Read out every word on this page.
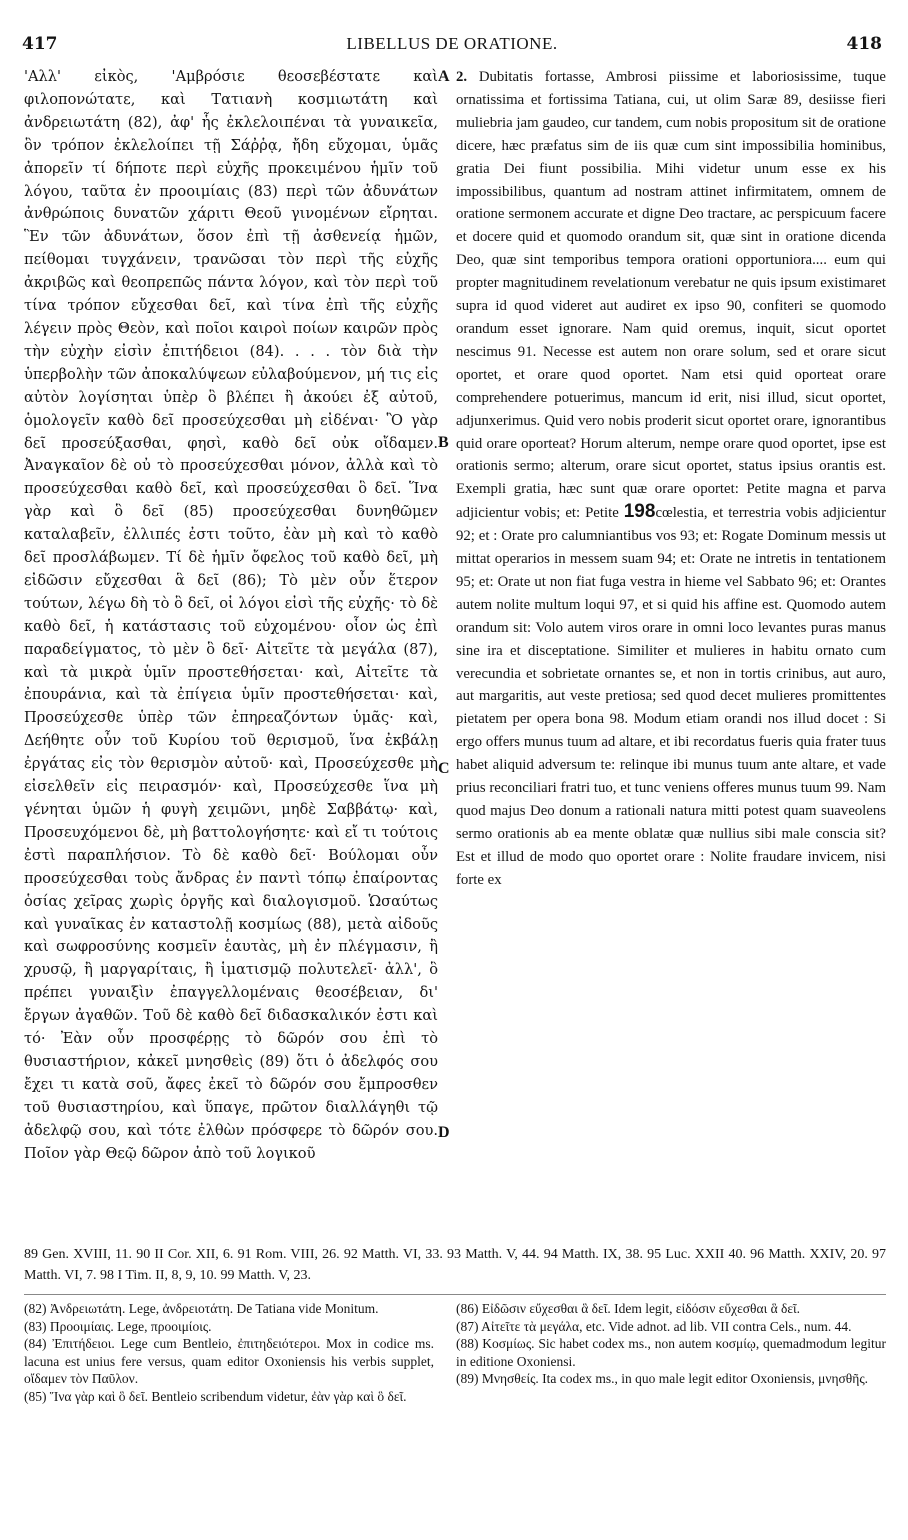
417	LIBELLUS DE ORATIONE.	418

'Αλλ' εἰκὸς, 'Αμβρόσιε θεοσεβέστατε καὶ φιλοπονώτατε, καὶ Τατιανὴ κοσμιωτάτη καὶ ἀνδρειωτάτη (82), ἀφ' ἧς ἐκλελοιπέναι τὰ γυναικεῖα, ὃν τρόπον ἐκλελοίπει τῇ Σάῤῥᾳ, ἤδη εὔχομαι, ὑμᾶς ἀπορεῖν τί δήποτε περὶ εὐχῆς προκειμένου ἡμῖν τοῦ λόγου, ταῦτα ἐν προοιμίαις (83) περὶ τῶν ἀδυνάτων ἀνθρώποις δυνατῶν χάριτι Θεοῦ γινομένων εἴρηται. Ἓν τῶν ἀδυνάτων, ὅσον ἐπὶ τῇ ἀσθενείᾳ ἡμῶν, πείθομαι τυγχάνειν, τρανῶσαι τὸν περὶ τῆς εὐχῆς ἀκριβῶς καὶ θεοπρεπῶς πάντα λόγον, καὶ τὸν περὶ τοῦ τίνα τρόπον εὔχεσθαι δεῖ, καὶ τίνα ἐπὶ τῆς εὐχῆς λέγειν πρὸς Θεὸν, καὶ ποῖοι καιροὶ ποίων καιρῶν πρὸς τὴν εὐχὴν εἰσὶν ἐπιτήδειοι (84). . . . τὸν διὰ τὴν ὑπερβολὴν τῶν ἀποκαλύψεων εὐλαβούμενον, μή τις εἰς αὐτὸν λογίσηται ὑπὲρ ὃ βλέπει ἢ ἀκούει ἐξ αὐτοῦ, ὁμολογεῖν καθὸ δεῖ προσεύχεσθαι μὴ εἰδέναι· Ὃ γὰρ δεῖ προσεύξασθαι, φησὶ, καθὸ δεῖ οὐκ οἴδαμεν. Ἀναγκαῖον δὲ οὐ τὸ προσεύχεσθαι μόνον, ἀλλὰ καὶ τὸ προσεύχεσθαι καθὸ δεῖ, καὶ προσεύχεσθαι ὃ δεῖ. Ἵνα γὰρ καὶ ὃ δεῖ (85) προσεύχεσθαι δυνηθῶμεν καταλαβεῖν, ἐλλιπές ἐστι τοῦτο, ἐὰν μὴ καὶ τὸ καθὸ δεῖ προσλάβωμεν. Τί δὲ ἡμῖν ὄφελος τοῦ καθὸ δεῖ, μὴ εἰδῶσιν εὔχεσθαι ἃ δεῖ (86); Τὸ μὲν οὖν ἕτερον τούτων, λέγω δὴ τὸ ὃ δεῖ, οἱ λόγοι εἰσὶ τῆς εὐχῆς· τὸ δὲ καθὸ δεῖ, ἡ κατάστασις τοῦ εὐχομένου· οἷον ὡς ἐπὶ παραδείγματος, τὸ μὲν ὃ δεῖ· Αἰτεῖτε τὰ μεγάλα (87), καὶ τὰ μικρὰ ὑμῖν προστεθήσεται· καὶ, Αἰτεῖτε τὰ ἐπουράνια, καὶ τὰ ἐπίγεια ὑμῖν προστεθήσεται· καὶ, Προσεύχεσθε ὑπὲρ τῶν ἐπηρεαζόντων ὑμᾶς· καὶ, Δεήθητε οὖν τοῦ Κυρίου τοῦ θερισμοῦ, ἵνα ἐκβάλῃ ἐργάτας εἰς τὸν θερισμὸν αὐτοῦ· καὶ, Προσεύχεσθε μὴ εἰσελθεῖν εἰς πειρασμόν· καὶ, Προσεύχεσθε ἵνα μὴ γένηται ὑμῶν ἡ φυγὴ χειμῶνι, μηδὲ Σαββάτῳ· καὶ, Προσευχόμενοι δὲ, μὴ βαττολογήσητε· καὶ εἴ τι τούτοις ἐστὶ παραπλήσιον. Τὸ δὲ καθὸ δεῖ· Βούλομαι οὖν προσεύχεσθαι τοὺς ἄνδρας ἐν παντὶ τόπῳ ἐπαίροντας ὁσίας χεῖρας χωρὶς ὀργῆς καὶ διαλογισμοῦ. Ὡσαύτως καὶ γυναῖκας ἐν καταστολῇ κοσμίως (88), μετὰ αἰδοῦς καὶ σωφροσύνης κοσμεῖν ἑαυτὰς, μὴ ἐν πλέγμασιν, ἢ χρυσῷ, ἢ μαργαρίταις, ἢ ἱματισμῷ πολυτελεῖ· ἀλλ', ὃ πρέπει γυναιξὶν ἐπαγγελλομέναις θεοσέβειαν, δι' ἔργων ἀγαθῶν. Τοῦ δὲ καθὸ δεῖ διδασκαλικόν ἐστι καὶ τό· Ἐὰν οὖν προσφέρῃς τὸ δῶρόν σου ἐπὶ τὸ θυσιαστήριον, κἀκεῖ μνησθεὶς (89) ὅτι ὁ ἀδελφός σου ἔχει τι κατὰ σοῦ, ἄφες ἐκεῖ τὸ δῶρόν σου ἔμπροσθεν τοῦ θυσιαστηρίου, καὶ ὕπαγε, πρῶτον διαλλάγηθι τῷ ἀδελφῷ σου, καὶ τότε ἐλθὼν πρόσφερε τὸ δῶρόν σου. Ποῖον γὰρ Θεῷ δῶρον ἀπὸ τοῦ λογικοῦ

A
B
C
D

2. Dubitatis fortasse, Ambrosi piissime et laboriosissime, tuque ornatissima et fortissima Tatiana, cui, ut olim Saræ 89, desiisse fieri muliebria jam gaudeo, cur tandem, cum nobis propositum sit de oratione dicere, hæc præfatus sim de iis quæ cum sint impossibilia hominibus, gratia Dei fiunt possibilia. Mihi videtur unum esse ex his impossibilibus, quantum ad nostram attinet infirmitatem, omnem de oratione sermonem accurate et digne Deo tractare, ac perspicuum facere et docere quid et quomodo orandum sit, quæ sint in oratione dicenda Deo, quæ sint temporibus tempora orationi opportuniora.... eum qui propter magnitudinem revelationum verebatur ne quis ipsum existimaret supra id quod videret aut audiret ex ipso 90, confiteri se quomodo orandum esset ignorare. Nam quid oremus, inquit, sicut oportet nescimus 91. Necesse est autem non orare solum, sed et orare sicut oportet, et orare quod oportet. Nam etsi quid oporteat orare comprehendere potuerimus, mancum id erit, nisi illud, sicut oportet, adjunxerimus. Quid vero nobis proderit sicut oportet orare, ignorantibus quid orare oporteat? Horum alterum, nempe orare quod oportet, ipse est orationis sermo; alterum, orare sicut oportet, status ipsius orantis est. Exempli gratia, hæc sunt quæ orare oportet: Petite magna et parva adjicientur vobis; et: Petite 198cœlestia, et terrestria vobis adjicientur 92; et : Orate pro calumniantibus vos 93; et: Rogate Dominum messis ut mittat operarios in messem suam 94; et: Orate ne intretis in tentationem 95; et: Orate ut non fiat fuga vestra in hieme vel Sabbato 96; et: Orantes autem nolite multum loqui 97, et si quid his affine est. Quomodo autem orandum sit: Volo autem viros orare in omni loco levantes puras manus sine ira et disceptatione. Similiter et mulieres in habitu ornato cum verecundia et sobrietate ornantes se, et non in tortis crinibus, aut auro, aut margaritis, aut veste pretiosa; sed quod decet mulieres promittentes pietatem per opera bona 98. Modum etiam orandi nos illud docet : Si ergo offers munus tuum ad altare, et ibi recordatus fueris quia frater tuus habet aliquid adversum te: relinque ibi munus tuum ante altare, et vade prius reconciliari fratri tuo, et tunc veniens offeres munus tuum 99. Nam quod majus Deo donum a rationali natura mitti potest quam suaveolens sermo orationis ab ea mente oblatæ quæ nullius sibi male conscia sit? Est et illud de modo quo oportet orare : Nolite fraudare invicem, nisi forte ex

89 Gen. XVIII, 11. 90 II Cor. XII, 6. 91 Rom. VIII, 26. 92 Matth. VI, 33. 93 Matth. V, 44. 94 Matth. IX, 38. 95 Luc. XXII 40. 96 Matth. XXIV, 20. 97 Matth. VI, 7. 98 I Tim. II, 8, 9, 10. 99 Matth. V, 23.

(82) Ἀνδρειωτάτη. Lege, ἀνδρειοτάτη. De Tatiana vide Monitum.

(83) Προοιμίαις. Lege, προοιμίοις.

(84) Ἐπιτήδειοι. Lege cum Bentleio, ἐπιτηδειότεροι. Mox in codice ms. lacuna est unius fere versus, quam editor Oxoniensis his verbis supplet, οἴδαμεν τὸν Παῦλον.

(85) Ἵνα γὰρ καὶ ὃ δεῖ. Bentleio scribendum videtur, ἐὰν γὰρ καὶ ὃ δεῖ.

(86) Εἰδῶσιν εὔχεσθαι ἃ δεῖ. Idem legit, εἰδόσιν εὔχεσθαι ἃ δεῖ.

(87) Αἰτεῖτε τὰ μεγάλα, etc. Vide adnot. ad lib. VII contra Cels., num. 44.

(88) Κοσμίως. Sic habet codex ms., non autem κοσμίῳ, quemadmodum legitur in editione Oxoniensi.

(89) Μνησθείς. Ita codex ms., in quo male legit editor Oxoniensis, μνησθῆς.
